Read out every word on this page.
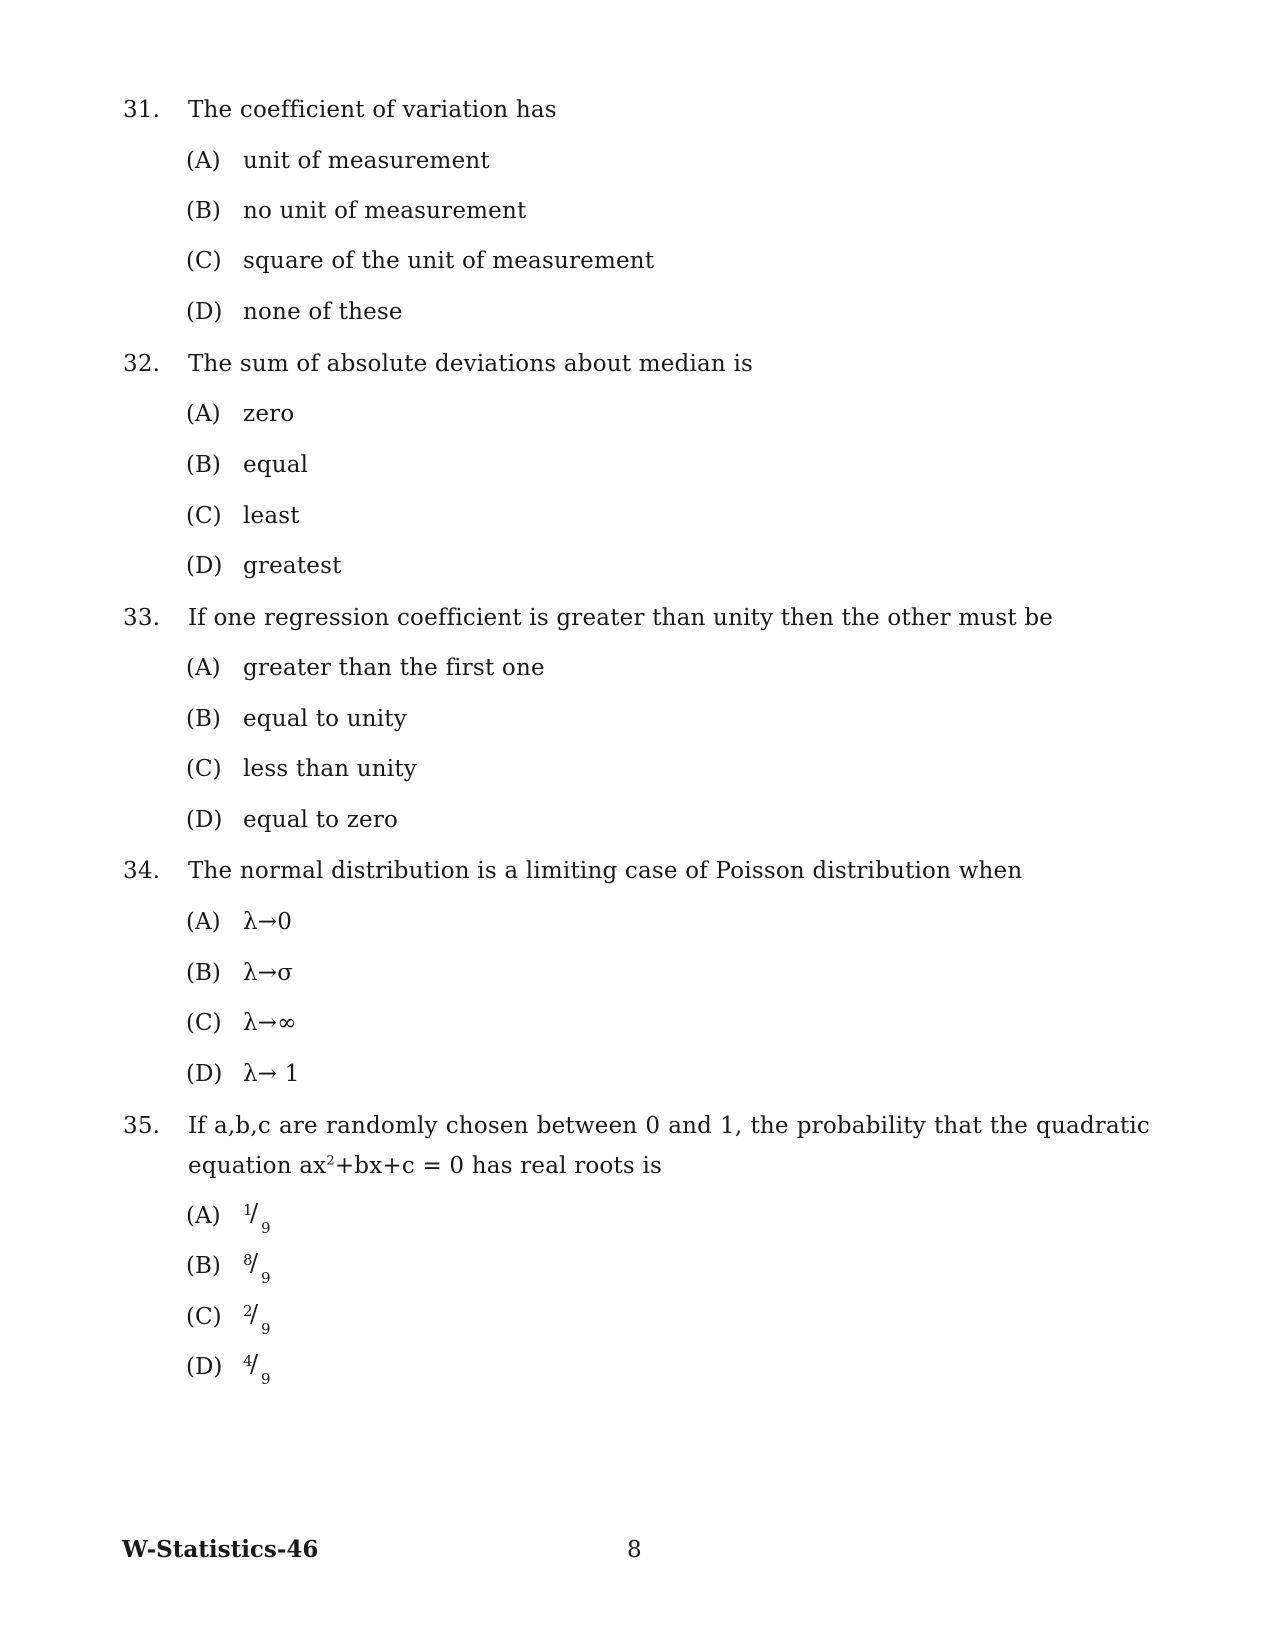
31. The coefficient of variation has
(A) unit of measurement
(B) no unit of measurement
(C) square of the unit of measurement
(D) none of these
32. The sum of absolute deviations about median is
(A) zero
(B) equal
(C) least
(D) greatest
33. If one regression coefficient is greater than unity then the other must be
(A) greater than the first one
(B) equal to unity
(C) less than unity
(D) equal to zero
34. The normal distribution is a limiting case of Poisson distribution when
(A) λ→0
(B) λ→σ
(C) λ→∞
(D) λ→ 1
35. If a,b,c are randomly chosen between 0 and 1, the probability that the quadratic equation $ax^2+bx+c = 0$ has real roots is
(A) 1
/
9
(B) 8
/
9
(C) 2
/
9
(D) 4
/
9
W-Statistics-46	8
